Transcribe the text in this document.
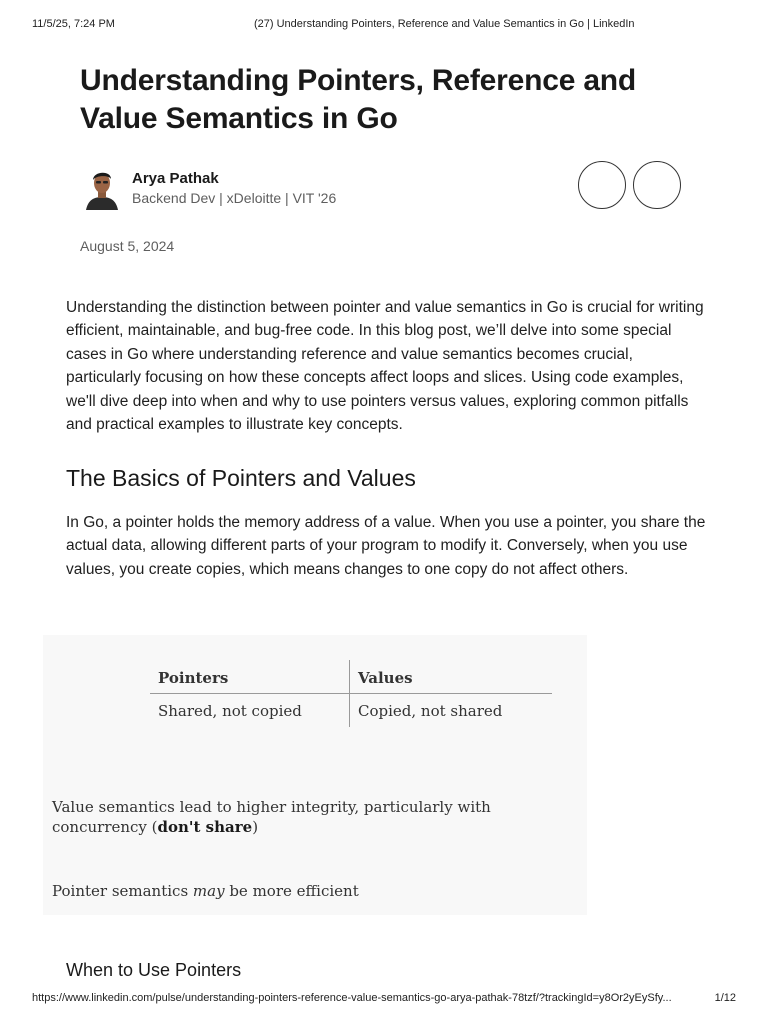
11/5/25, 7:24 PM	(27) Understanding Pointers, Reference and Value Semantics in Go | LinkedIn
Understanding Pointers, Reference and Value Semantics in Go
Arya Pathak
Backend Dev | xDeloitte | VIT '26
August 5, 2024

Understanding the distinction between pointer and value semantics in Go is crucial for writing efficient, maintainable, and bug-free code. In this blog post, we’ll delve into some special cases in Go where understanding reference and value semantics becomes crucial, particularly focusing on how these concepts affect loops and slices. Using code examples, we'll dive deep into when and why to use pointers versus values, exploring common pitfalls and practical examples to illustrate key concepts.

The Basics of Pointers and Values

In Go, a pointer holds the memory address of a value. When you use a pointer, you share the actual data, allowing different parts of your program to modify it. Conversely, when you use values, you create copies, which means changes to one copy do not affect others.

Pointers	Values
Shared, not copied	Copied, not shared
Value semantics lead to higher integrity, particularly with concurrency (don't share)
Pointer semantics may be more efficient
When to Use Pointers
https://www.linkedin.com/pulse/understanding-pointers-reference-value-semantics-go-arya-pathak-78tzf/?trackingId=y8Or2yEySfy...	1/12
